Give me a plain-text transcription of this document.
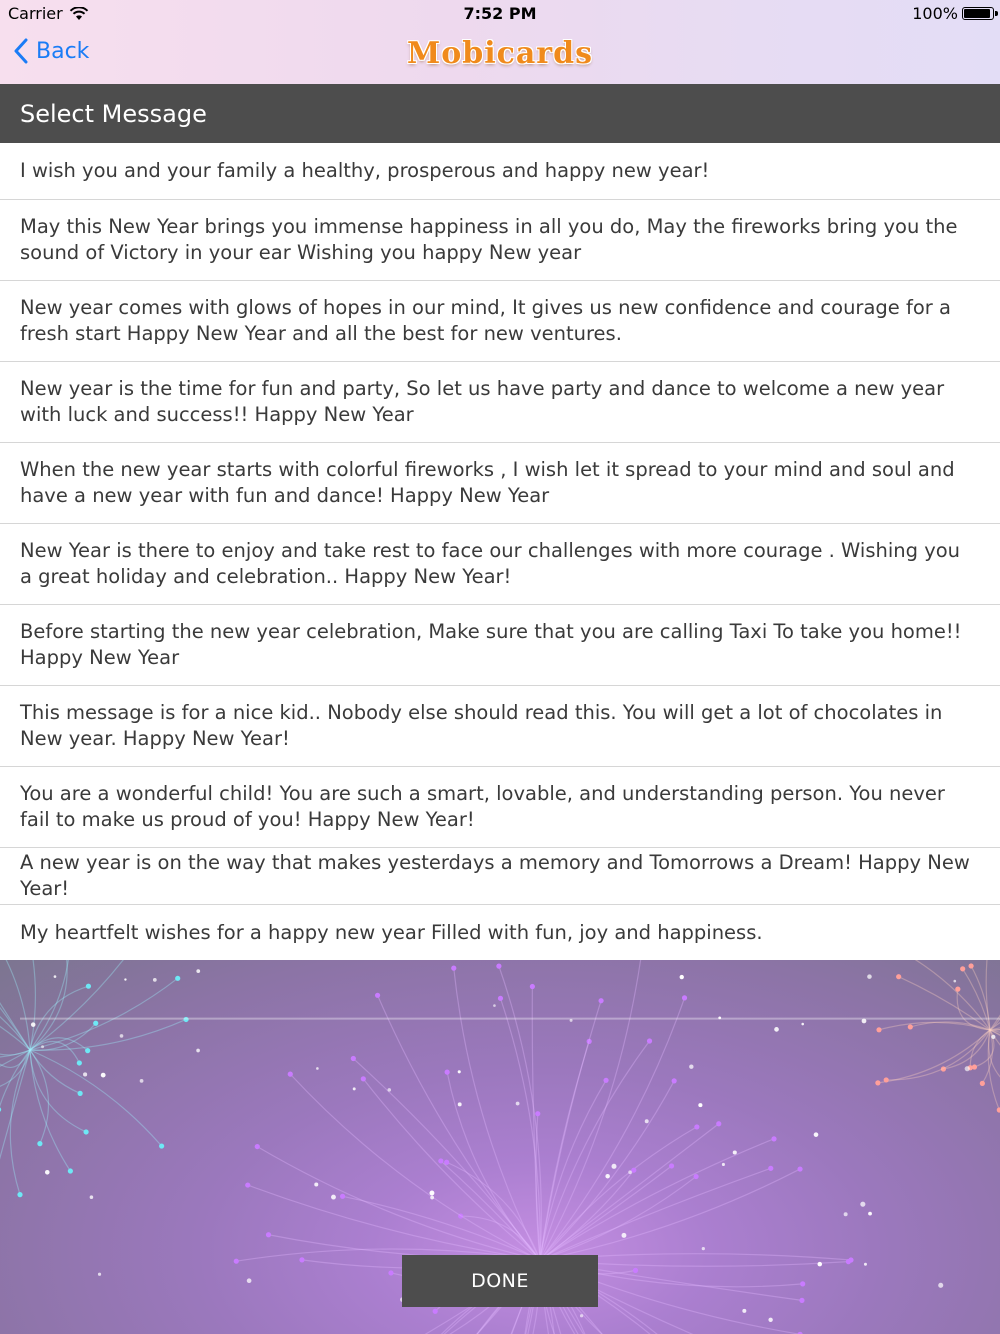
Back	Mobicards
Carrier	7:52 PM	100%
Select Message
I wish you and your family a healthy, prosperous and happy new year!
May this New Year brings you immense happiness in all you do, May the fireworks bring you the sound of Victory in your ear Wishing you happy New year
New year comes with glows of hopes in our mind, It gives us new confidence and courage for a fresh start Happy New Year and all the best for new ventures.
New year is the time for fun and party, So let us have party and dance to welcome a new year with luck and success!! Happy New Year
When the new year starts with colorful fireworks , I wish let it spread to your mind and soul and have a new year with fun and dance! Happy New Year
New Year is there to enjoy and take rest to face our challenges with more courage . Wishing you a great holiday and celebration.. Happy New Year!
Before starting the new year celebration, Make sure that you are calling Taxi To take you home!! Happy New Year
This message is for a nice kid.. Nobody else should read this. You will get a lot of chocolates in New year. Happy New Year!
You are a wonderful child! You are such a smart, lovable, and understanding person. You never fail to make us proud of you! Happy New Year!
A new year is on the way that makes yesterdays a memory and Tomorrows a Dream! Happy New Year!
My heartfelt wishes for a happy new year Filled with fun, joy and happiness.
DONE
